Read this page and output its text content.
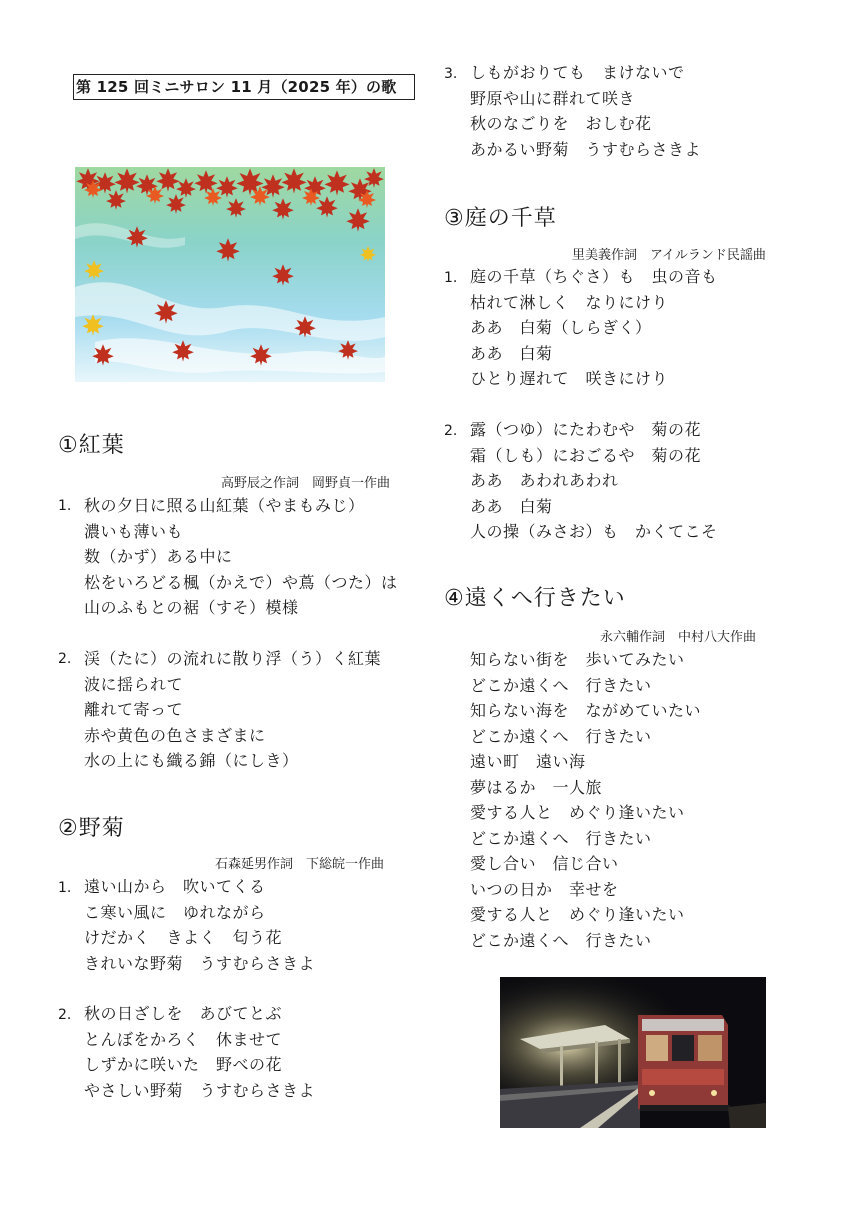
第 125 回ミニサロン 11 月（2025 年）の歌
①紅葉
高野辰之作詞　岡野貞一作曲
1. 秋の夕日に照る山紅葉（やまもみじ）
濃いも薄いも
数（かず）ある中に
松をいろどる楓（かえで）や蔦（つた）は
山のふもとの裾（すそ）模様
2. 渓（たに）の流れに散り浮（う）く紅葉
波に揺られて
離れて寄って
赤や黄色の色さまざまに
水の上にも織る錦（にしき）
②野菊
石森延男作詞　下総皖一作曲
1. 遠い山から　吹いてくる
こ寒い風に　ゆれながら
けだかく　きよく　匂う花
きれいな野菊　うすむらさきよ
2. 秋の日ざしを　あびてとぶ
とんぼをかろく　休ませて
しずかに咲いた　野べの花
やさしい野菊　うすむらさきよ
3. しもがおりても　まけないで
野原や山に群れて咲き
秋のなごりを　おしむ花
あかるい野菊　うすむらさきよ
③庭の千草
里美義作詞　アイルランド民謡曲
1. 庭の千草（ちぐさ）も　虫の音も
枯れて淋しく　なりにけり
ああ　白菊（しらぎく）
ああ　白菊
ひとり遅れて　咲きにけり
2. 露（つゆ）にたわむや　菊の花
霜（しも）におごるや　菊の花
ああ　あわれあわれ
ああ　白菊
人の操（みさお）も　かくてこそ
④遠くへ行きたい
永六輔作詞　中村八大作曲
知らない街を　歩いてみたい
どこか遠くへ　行きたい
知らない海を　ながめていたい
どこか遠くへ　行きたい
遠い町　遠い海
夢はるか　一人旅
愛する人と　めぐり逢いたい
どこか遠くへ　行きたい
愛し合い　信じ合い
いつの日か　幸せを
愛する人と　めぐり逢いたい
どこか遠くへ　行きたい
